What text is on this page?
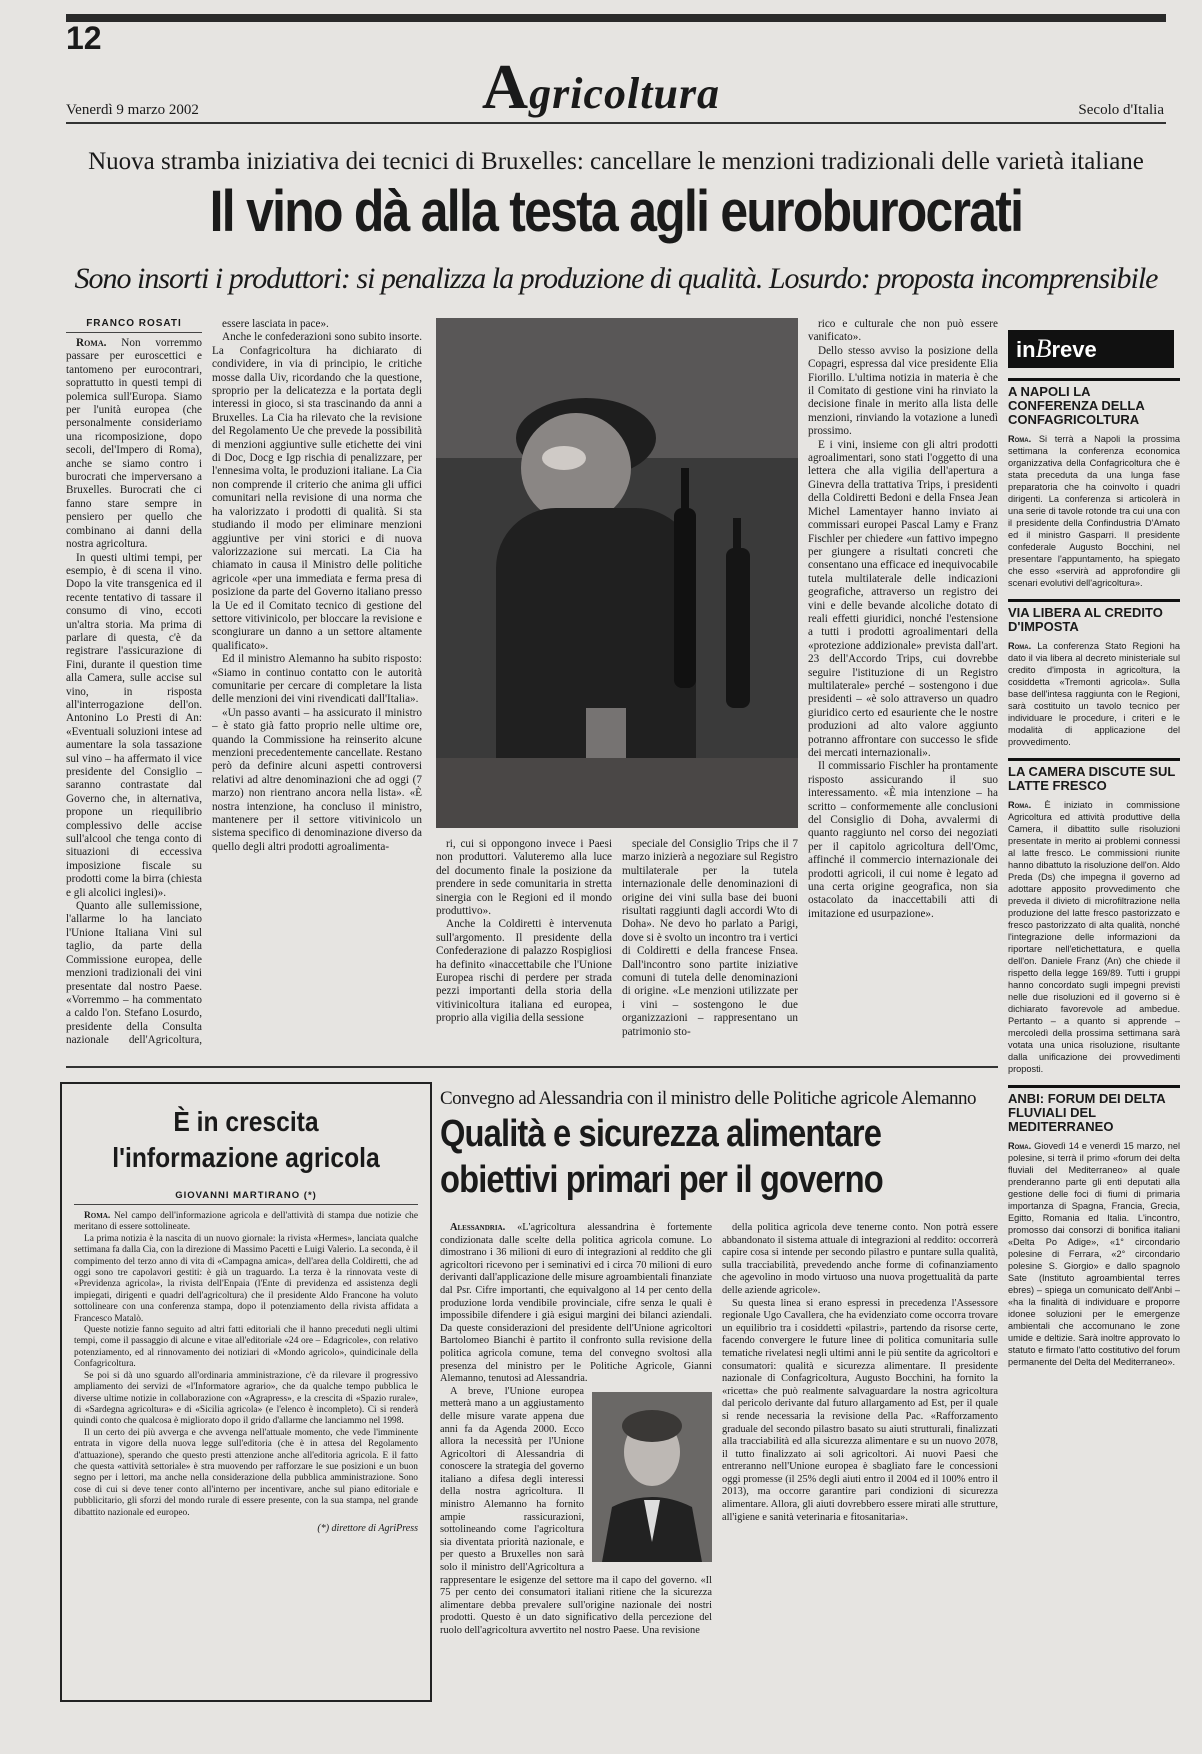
12
Agricoltura
Venerdì 9 marzo 2002	Secolo d'Italia
Nuova stramba iniziativa dei tecnici di Bruxelles: cancellare le menzioni tradizionali delle varietà italiane
Il vino dà alla testa agli euroburocrati
Sono insorti i produttori: si penalizza la produzione di qualità. Losurdo: proposta incomprensibile
FRANCO ROSATI

Roma. Non vorremmo passare per euroscettici e tantomeno per eurocontrari, soprattutto in questi tempi di polemica sull'Europa. Siamo per l'unità europea (che personalmente consideriamo una ricomposizione, dopo secoli, del'Impero di Roma), anche se siamo contro i burocrati che imperversano a Bruxelles. Burocrati che ci fanno stare sempre in pensiero per quello che combinano ai danni della nostra agricoltura.

In questi ultimi tempi, per esempio, è di scena il vino. Dopo la vite transgenica ed il recente tentativo di tassare il consumo di vino, eccoti un'altra storia. Ma prima di parlare di questa, c'è da registrare l'assicurazione di Fini, durante il question time alla Camera, sulle accise sul vino, in risposta all'interrogazione dell'on. Antonino Lo Presti di An: «Eventuali soluzioni intese ad aumentare la sola tassazione sul vino – ha affermato il vice presidente del Consiglio – saranno contrastate dal Governo che, in alternativa, propone un riequilibrio complessivo delle accise sull'alcool che tenga conto di situazioni di eccessiva imposizione fiscale su prodotti come la birra (chiesta e gli alcolici inglesi)».

Quanto alle sullemissione, l'allarme lo ha lanciato l'Unione Italiana Vini sul taglio, da parte della Commissione europea, delle menzioni tradizionali dei vini presentate dal nostro Paese. «Vorremmo – ha commentato a caldo l'on. Stefano Losurdo, presidente della Consulta nazionale dell'Agricoltura,

essere lasciata in pace».

Anche le confederazioni sono subito insorte. La Confagricoltura ha dichiarato di condividere, in via di principio, le critiche mosse dalla Uiv, ricordando che la questione, sproprio per la delicatezza e la portata degli interessi in gioco, si sta trascinando da anni a Bruxelles. La Cia ha rilevato che la revisione del Regolamento Ue che prevede la possibilità di menzioni aggiuntive sulle etichette dei vini di Doc, Docg e Igp rischia di penalizzare, per l'ennesima volta, le produzioni italiane. La Cia non comprende il criterio che anima gli uffici comunitari nella revisione di una norma che ha valorizzato i prodotti di qualità. Si sta studiando il modo per eliminare menzioni aggiuntive per vini storici e di nuova valorizzazione sui mercati. La Cia ha chiamato in causa il Ministro delle politiche agricole «per una immediata e ferma presa di posizione da parte del Governo italiano presso la Ue ed il Comitato tecnico di gestione del settore vitivinicolo, per bloccare la revisione e scongiurare un danno a un settore altamente qualificato».

Ed il ministro Alemanno ha subito risposto: «Siamo in continuo contatto con le autorità comunitarie per cercare di completare la lista delle menzioni dei vini rivendicati dall'Italia».

«Un passo avanti – ha assicurato il ministro – è stato già fatto proprio nelle ultime ore, quando la Commissione ha reinserito alcune menzioni precedentemente cancellate. Restano però da definire alcuni aspetti controversi relativi ad altre denominazioni che ad oggi (7 marzo) non rientrano ancora nella lista». «È nostra intenzione, ha concluso il ministro, mantenere per il settore vitivinicolo un sistema specifico di denominazione diverso da quello degli altri prodotti agroalimenta-	ri, cui si oppongono invece i Paesi non produttori. Valuteremo alla luce del documento finale la posizione da prendere in sede comunitaria in stretta sinergia con le Regioni ed il mondo produttivo».

Anche la Coldiretti è intervenuta sull'argomento. Il presidente della Confederazione di palazzo Rospigliosi ha definito «inaccettabile che l'Unione Europea rischi di perdere per strada pezzi importanti della storia della vitivinicoltura italiana ed europea, proprio alla vigilia della sessione

speciale del Consiglio Trips che il 7 marzo inizierà a negoziare sul Registro multilaterale per la tutela internazionale delle denominazioni di origine dei vini sulla base dei buoni risultati raggiunti dagli accordi Wto di Doha». Ne devo ho parlato a Parigi, dove si è svolto un incontro tra i vertici di Coldiretti e della francese Fnsea. Dall'incontro sono partite iniziative comuni di tutela delle denominazioni di origine. «Le menzioni utilizzate per i vini – sostengono le due organizzazioni – rappresentano un patrimonio sto-

rico e culturale che non può essere vanificato».

Dello stesso avviso la posizione della Copagri, espressa dal vice presidente Elia Fiorillo. L'ultima notizia in materia è che il Comitato di gestione vini ha rinviato la decisione finale in merito alla lista delle menzioni, rinviando la votazione a lunedì prossimo.

E i vini, insieme con gli altri prodotti agroalimentari, sono stati l'oggetto di una lettera che alla vigilia dell'apertura a Ginevra della trattativa Trips, i presidenti della Coldiretti Bedoni e della Fnsea Jean Michel Lamentayer hanno inviato ai commissari europei Pascal Lamy e Franz Fischler per chiedere «un fattivo impegno per giungere a risultati concreti che consentano una efficace ed inequivocabile tutela multilaterale delle indicazioni geografiche, attraverso un registro dei vini e delle bevande alcoliche dotato di reali effetti giuridici, nonché l'estensione a tutti i prodotti agroalimentari della «protezione addizionale» prevista dall'art. 23 dell'Accordo Trips, cui dovrebbe seguire l'istituzione di un Registro multilaterale» perché – sostengono i due presidenti – «è solo attraverso un quadro giuridico certo ed esauriente che le nostre produzioni ad alto valore aggiunto potranno affrontare con successo le sfide dei mercati internazionali».

Il commissario Fischler ha prontamente risposto assicurando il suo interessamento. «È mia intenzione – ha scritto – conformemente alle conclusioni del Consiglio di Doha, avvalermi di quanto raggiunto nel corso dei negoziati per il capitolo agricoltura dell'Omc, affinché il commercio internazionale dei prodotti agricoli, il cui nome è legato ad una certa origine geografica, non sia ostacolato da inaccettabili atti di imitazione ed usurpazione».

inBreve
A NAPOLI LA CONFERENZA DELLA CONFAGRICOLTURA

Roma. Si terrà a Napoli la prossima settimana la conferenza economica organizzativa della Confagricoltura che è stata preceduta da una lunga fase preparatoria che ha coinvolto i quadri dirigenti. La conferenza si articolerà in una serie di tavole rotonde tra cui una con il presidente della Confindustria D'Amato ed il ministro Gasparri. Il presidente confederale Augusto Bocchini, nel presentare l'appuntamento, ha spiegato che esso «servirà ad approfondire gli scenari evolutivi dell'agricoltura».

VIA LIBERA AL CREDITO D'IMPOSTA

Roma. La conferenza Stato Regioni ha dato il via libera al decreto ministeriale sul credito d'imposta in agricoltura, la cosiddetta «Tremonti agricola». Sulla base dell'intesa raggiunta con le Regioni, sarà costituito un tavolo tecnico per individuare le procedure, i criteri e le modalità di applicazione del provvedimento.

LA CAMERA DISCUTE SUL LATTE FRESCO

Roma. È iniziato in commissione Agricoltura ed attività produttive della Camera, il dibattito sulle risoluzioni presentate in merito ai problemi connessi al latte fresco. Le commissioni riunite hanno dibattuto la risoluzione dell'on. Aldo Preda (Ds) che impegna il governo ad adottare apposito provvedimento che preveda il divieto di microfiltrazione nella produzione del latte fresco pastorizzato e fresco pastorizzato di alta qualità, nonché l'integrazione delle informazioni da riportare nell'etichettatura, e quella dell'on. Daniele Franz (An) che chiede il rispetto della legge 169/89. Tutti i gruppi hanno concordato sugli impegni previsti nelle due risoluzioni ed il governo si è dichiarato favorevole ad ambedue. Pertanto – a quanto si apprende – mercoledì della prossima settimana sarà votata una unica risoluzione, risultante dalla unificazione dei provvedimenti proposti.

ANBI: FORUM DEI DELTA FLUVIALI DEL MEDITERRANEO

Roma. Giovedì 14 e venerdì 15 marzo, nel polesine, si terrà il primo «forum dei delta fluviali del Mediterraneo» al quale prenderanno parte gli enti deputati alla gestione delle foci di fiumi di primaria importanza di Spagna, Francia, Grecia, Egitto, Romania ed Italia. L'incontro, promosso dai consorzi di bonifica italiani «Delta Po Adige», «1° circondario polesine di Ferrara, «2° circondario polesine S. Giorgio» e dallo spagnolo Sate (Instituto agroambiental terres ebres) – spiega un comunicato dell'Anbi – «ha la finalità di individuare e proporre idonee soluzioni per le emergenze ambientali che accomunano le zone umide e deltizie. Sarà inoltre approvato lo statuto e firmato l'atto costitutivo del forum permanente del Delta del Mediterraneo».

È in crescita
l'informazione agricola
GIOVANNI MARTIRANO (*)

Roma. Nel campo dell'informazione agricola e dell'attività di stampa due notizie che meritano di essere sottolineate.

La prima notizia è la nascita di un nuovo giornale: la rivista «Hermes», lanciata qualche settimana fa dalla Cia, con la direzione di Massimo Pacetti e Luigi Valerio. La seconda, è il compimento del terzo anno di vita di «Campagna amica», dell'area della Coldiretti, che ad oggi sono tre capolavori gestiti: è già un traguardo. La terza è la rinnovata veste di «Previdenza agricola», la rivista dell'Enpaia (l'Ente di previdenza ed assistenza degli impiegati, dirigenti e quadri dell'agricoltura) che il presidente Aldo Francone ha voluto sottolineare con una conferenza stampa, dopo il potenziamento della rivista affidata a Francesco Matalò.

Queste notizie fanno seguito ad altri fatti editoriali che il hanno preceduti negli ultimi tempi, come il passaggio di alcune e vitae all'editoriale «24 ore – Edagricole», con relativo potenziamento, ed al rinnovamento dei notiziari di «Mondo agricolo», quindicinale della Confagricoltura.

Se poi si dà uno sguardo all'ordinaria amministrazione, c'è da rilevare il progressivo ampliamento dei servizi de «l'Informatore agrario», che da qualche tempo pubblica le diverse ultime notizie in collaborazione con «Agrapress», e la crescita di «Spazio rurale», di «Sardegna agricoltura» e di «Sicilia agricola» (e l'elenco è incompleto). Ci si renderà quindi conto che qualcosa è migliorato dopo il grido d'allarme che lanciammo nel 1998.

Il un certo dei più avverga e che avvenga nell'attuale momento, che vede l'imminente entrata in vigore della nuova legge sull'editoria (che è in attesa del Regolamento d'attuazione), sperando che questo presti attenzione anche all'editoria agricola. E il fatto che questa «attività settoriale» è stra muovendo per rafforzare le sue posizioni e un buon segno per i lettori, ma anche nella considerazione della pubblica amministrazione. Sono cose di cui si deve tener conto all'interno per incentivare, anche sul piano editoriale e pubblicitario, gli sforzi del mondo rurale di essere presente, con la sua stampa, nel grande dibattito nazionale ed europeo.

(*) direttore di AgriPress
Convegno ad Alessandria con il ministro delle Politiche agricole Alemanno
Qualità e sicurezza alimentare
obiettivi primari per il governo

Alessandria. «L'agricoltura alessandrina è fortemente condizionata dalle scelte della politica agricola comune. Lo dimostrano i 36 milioni di euro di integrazioni al reddito che gli agricoltori ricevono per i seminativi ed i circa 70 milioni di euro derivanti dall'applicazione delle misure agroambientali finanziate dal Psr. Cifre importanti, che equivalgono al 14 per cento della produzione lorda vendibile provinciale, cifre senza le quali è impossibile difendere i già esigui margini dei bilanci aziendali. Da queste considerazioni del presidente dell'Unione agricoltori Bartolomeo Bianchi è partito il confronto sulla revisione della politica agricola comune, tema del convegno svoltosi alla presenza del ministro per le Politiche Agricole, Gianni Alemanno, tenutosi ad Alessandria.

A breve, l'Unione europea metterà mano a un aggiustamento delle misure varate appena due anni fa da Agenda 2000. Ecco allora la necessità per l'Unione Agricoltori di Alessandria di conoscere la strategia del governo italiano a difesa degli interessi della nostra agricoltura. Il ministro Alemanno ha fornito ampie rassicurazioni, sottolineando come l'agricoltura sia diventata priorità nazionale, e per questo a Bruxelles non sarà solo il ministro dell'Agricoltura a rappresentare le esigenze del settore ma il capo del governo. «Il 75 per cento dei consumatori italiani ritiene che la sicurezza alimentare debba prevalere sull'origine nazionale dei nostri prodotti. Questo è un dato significativo della percezione del ruolo dell'agricoltura avvertito nel nostro Paese. Una revisione

della politica agricola deve tenerne conto. Non potrà essere abbandonato il sistema attuale di integrazioni al reddito: occorrerà capire cosa si intende per secondo pilastro e puntare sulla qualità, sulla tracciabilità, prevedendo anche forme di cofinanziamento che agevolino in modo virtuoso una nuova progettualità da parte delle aziende agricole».

Su questa linea si erano espressi in precedenza l'Assessore regionale Ugo Cavallera, che ha evidenziato come occorra trovare un equilibrio tra i cosiddetti «pilastri», partendo da risorse certe, facendo convergere le future linee di politica comunitaria sulle tematiche rivelatesi negli ultimi anni le più sentite da agricoltori e consumatori: qualità e sicurezza alimentare. Il presidente nazionale di Confagricoltura, Augusto Bocchini, ha fornito la «ricetta» che può realmente salvaguardare la nostra agricoltura dal pericolo derivante dal futuro allargamento ad Est, per il quale si rende necessaria la revisione della Pac. «Rafforzamento graduale del secondo pilastro basato su aiuti strutturali, finalizzati alla tracciabilità ed alla sicurezza alimentare e su un nuovo 2078, il tutto finalizzato ai soli agricoltori. Ai nuovi Paesi che entreranno nell'Unione europea è sbagliato fare le concessioni oggi promesse (il 25% degli aiuti entro il 2004 ed il 100% entro il 2013), ma occorre garantire pari condizioni di sicurezza alimentare. Allora, gli aiuti dovrebbero essere mirati alle strutture, all'igiene e sanità veterinaria e fitosanitaria».
